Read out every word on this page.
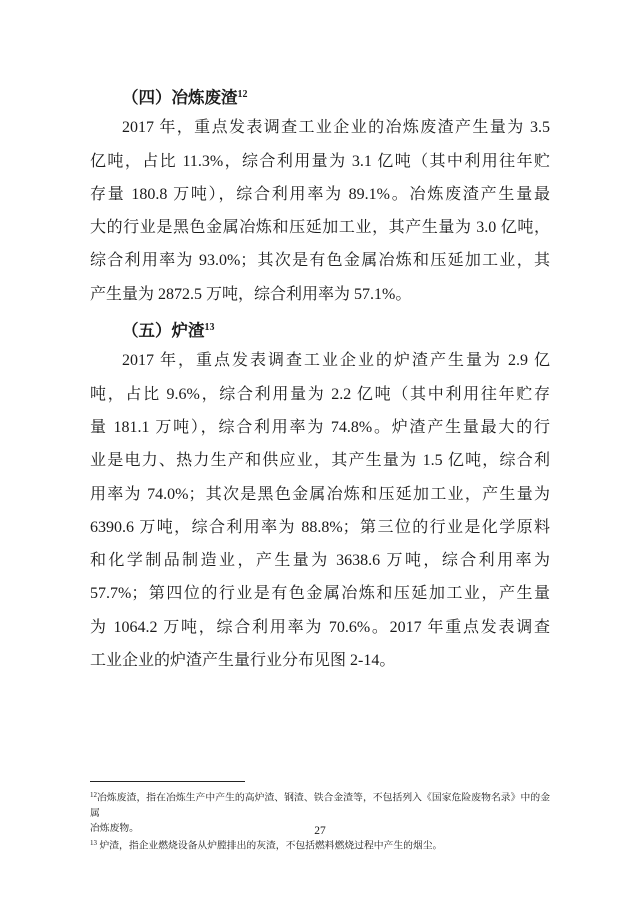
（四）冶炼废渣$^{12}$
2017 年，重点发表调查工业企业的冶炼废渣产生量为 3.5
亿吨，占比 11.3%，综合利用量为 3.1 亿吨（其中利用往年贮
存量 180.8 万吨），综合利用率为 89.1%。冶炼废渣产生量最
大的行业是黑色金属冶炼和压延加工业，其产生量为 3.0 亿吨，
综合利用率为 93.0%；其次是有色金属冶炼和压延加工业，其
产生量为 2872.5 万吨，综合利用率为 57.1%。
（五）炉渣$^{13}$
2017 年，重点发表调查工业企业的炉渣产生量为 2.9 亿
吨，占比 9.6%，综合利用量为 2.2 亿吨（其中利用往年贮存
量 181.1 万吨），综合利用率为 74.8%。炉渣产生量最大的行
业是电力、热力生产和供应业，其产生量为 1.5 亿吨，综合利
用率为 74.0%；其次是黑色金属冶炼和压延加工业，产生量为
6390.6 万吨，综合利用率为 88.8%；第三位的行业是化学原料
和化学制品制造业，产生量为 3638.6 万吨，综合利用率为
57.7%；第四位的行业是有色金属冶炼和压延加工业，产生量
为 1064.2 万吨，综合利用率为 70.6%。2017 年重点发表调查
工业企业的炉渣产生量行业分布见图 2-14。
$^{12}$冶炼废渣，指在冶炼生产中产生的高炉渣、钢渣、铁合金渣等，不包括列入《国家危险废物名录》中的金属
冶炼废物。
$^{13}$ 炉渣，指企业燃烧设备从炉膛排出的灰渣，不包括燃料燃烧过程中产生的烟尘。
27
